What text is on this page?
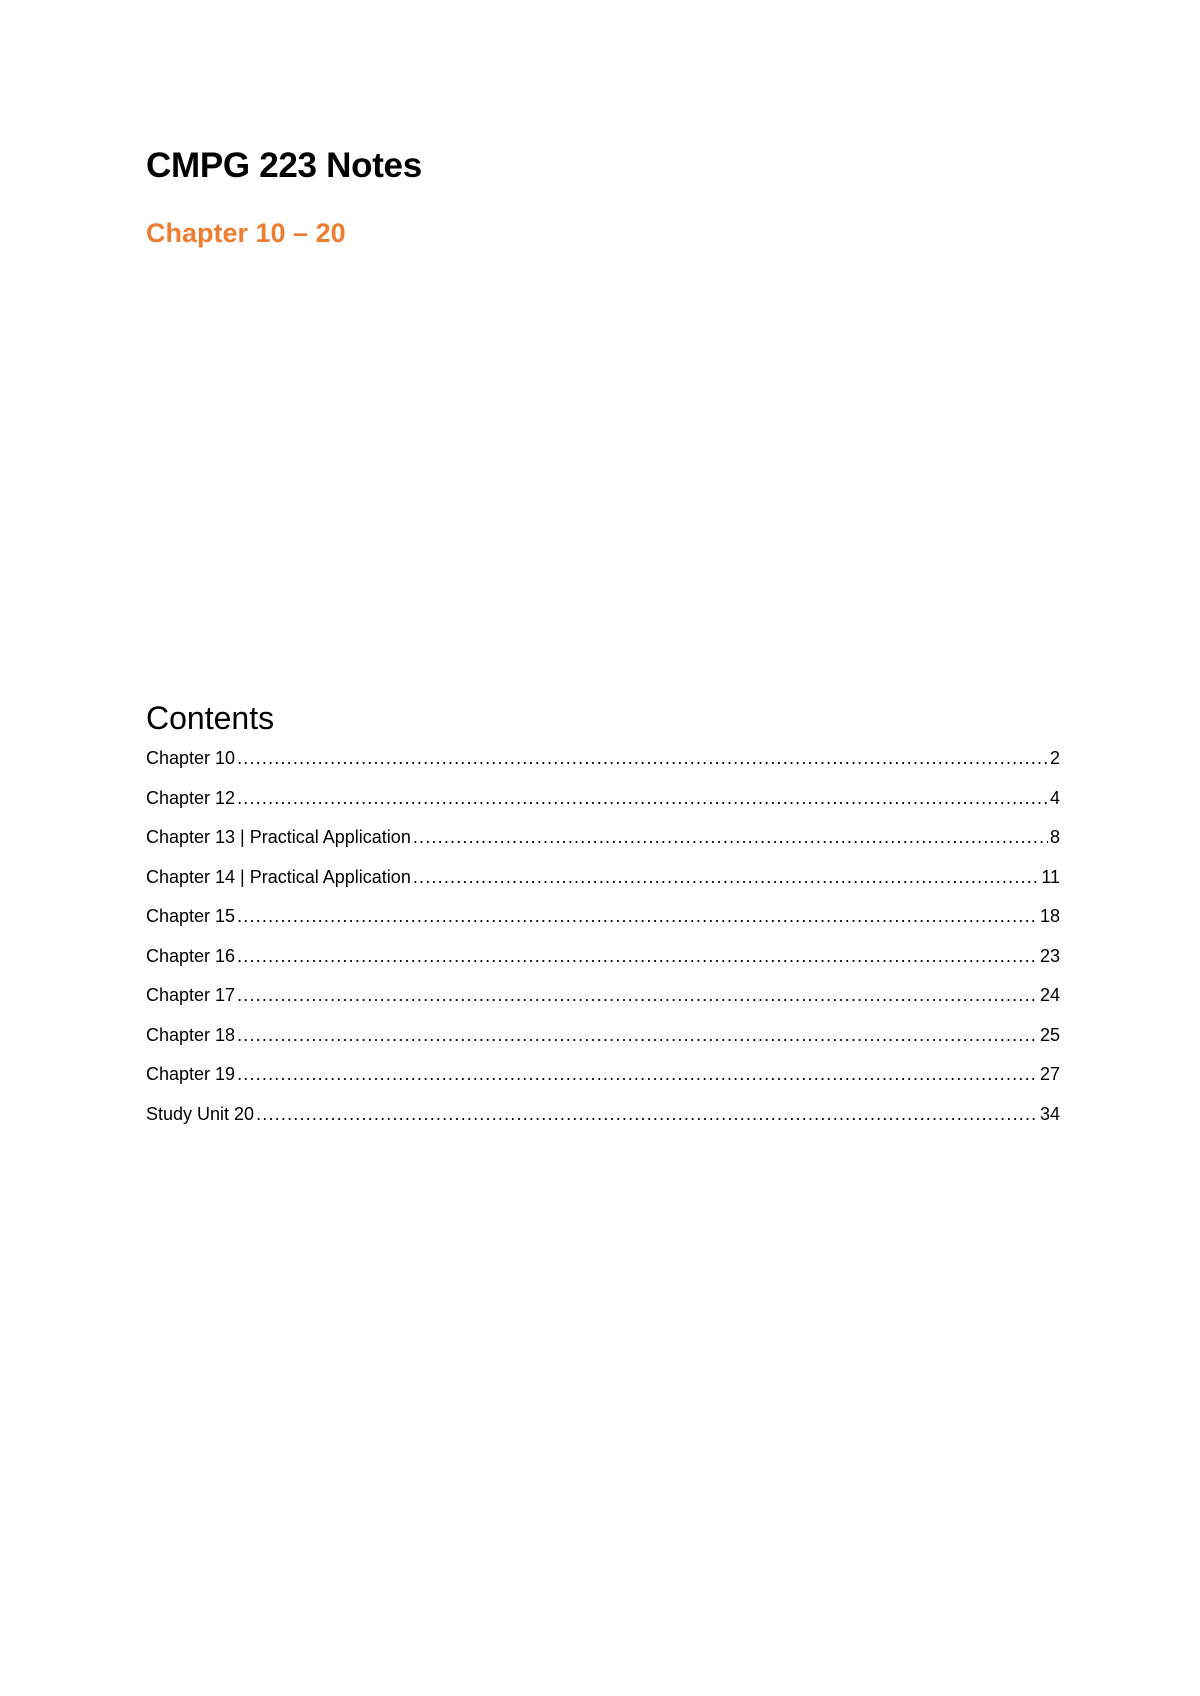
CMPG 223 Notes
Chapter 10 – 20
Contents
Chapter 10 .....	2
Chapter 12 .....	4
Chapter 13 | Practical Application .....	8
Chapter 14 | Practical Application .....	11
Chapter 15 .....	18
Chapter 16 .....	23
Chapter 17 .....	24
Chapter 18 .....	25
Chapter 19 .....	27
Study Unit 20 .....	34
